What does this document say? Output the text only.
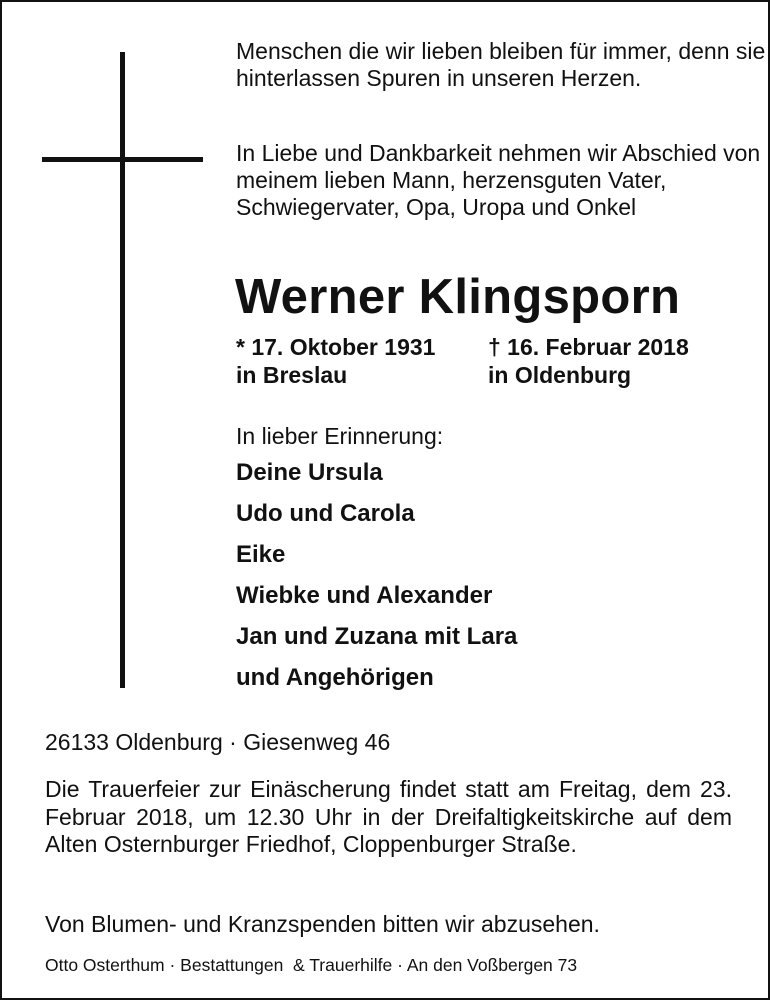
Menschen die wir lieben bleiben für immer, denn sie hinterlassen Spuren in unseren Herzen.

In Liebe und Dankbarkeit nehmen wir Abschied von meinem lieben Mann, herzensguten Vater, Schwiegervater, Opa, Uropa und Onkel

Werner Klingsporn
* 17. Oktober 1931
in Breslau
† 16. Februar 2018
in Oldenburg
In lieber Erinnerung:
Deine Ursula
Udo und Carola
Eike
Wiebke und Alexander
Jan und Zuzana mit Lara
und Angehörigen
26133 Oldenburg · Giesenweg 46

Die Trauerfeier zur Einäscherung findet statt am Freitag, dem 23. Februar 2018, um 12.30 Uhr in der Dreifaltigkeitskirche auf dem Alten Osternburger Friedhof, Cloppenburger Straße.

Von Blumen- und Kranzspenden bitten wir abzusehen.
Otto Osterthum · Bestattungen  & Trauerhilfe · An den Voßbergen 73
